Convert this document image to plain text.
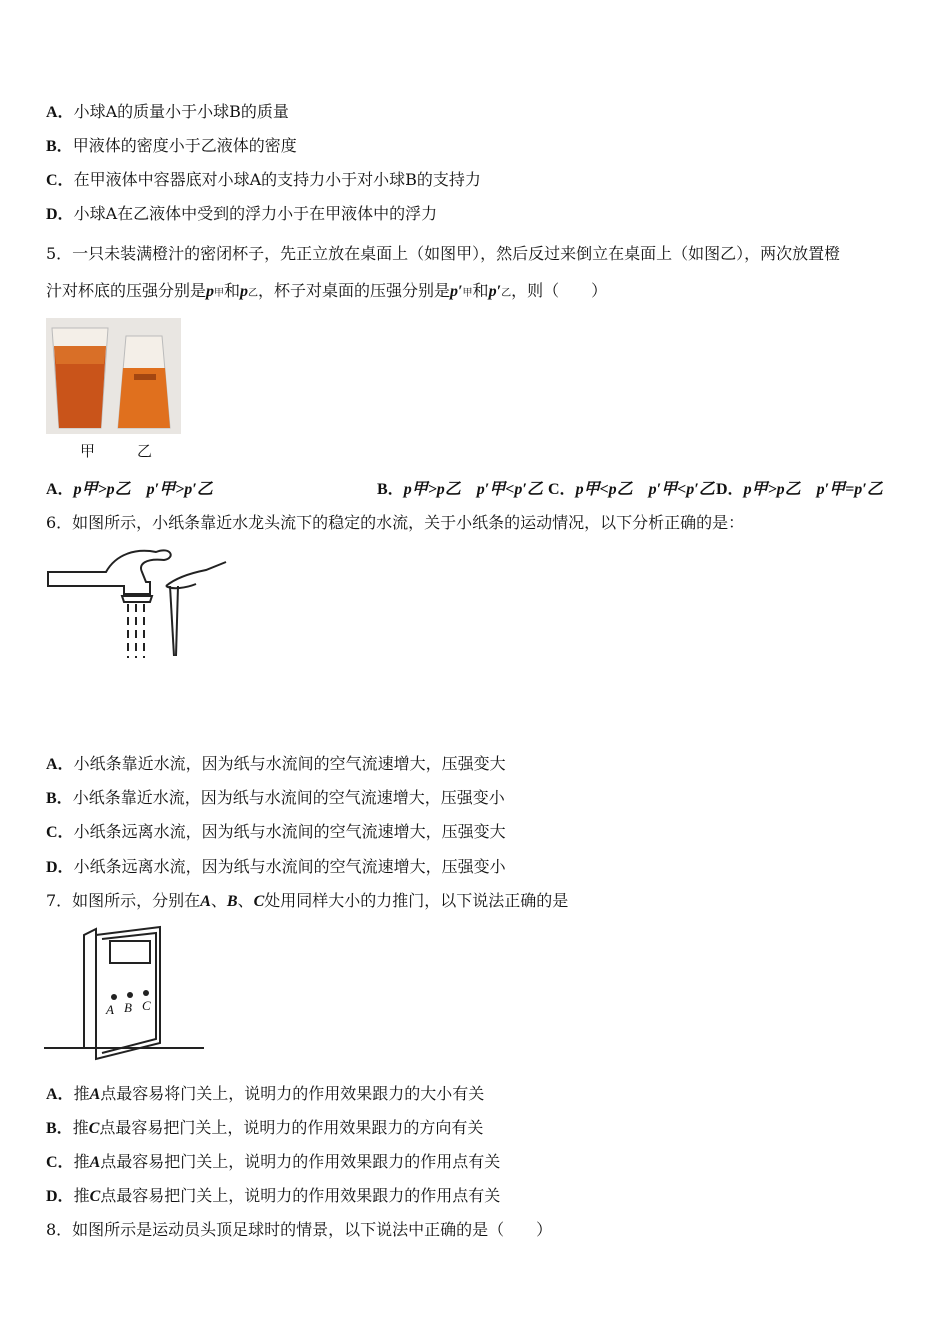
A．小球A的质量小于小球B的质量
B．甲液体的密度小于乙液体的密度
C．在甲液体中容器底对小球A的支持力小于对小球B的支持力
D．小球A在乙液体中受到的浮力小于在甲液体中的浮力
5．一只未装满橙汁的密闭杯子，先正立放在桌面上（如图甲），然后反过来倒立在桌面上（如图乙），两次放置橙
汁对杯底的压强分别是p甲和p乙，杯子对桌面的压强分别是p′甲和p′乙，则（　　）
甲	乙
A．p甲>p乙　p′甲>p′乙	B．p甲>p乙　p′甲<p′乙 C．p甲<p乙　p′甲<p′乙 D．p甲>p乙　p′甲=p′乙
6．如图所示，小纸条靠近水龙头流下的稳定的水流，关于小纸条的运动情况，以下分析正确的是：
A．小纸条靠近水流，因为纸与水流间的空气流速增大，压强变大
B．小纸条靠近水流，因为纸与水流间的空气流速增大，压强变小
C．小纸条远离水流，因为纸与水流间的空气流速增大，压强变大
D．小纸条远离水流，因为纸与水流间的空气流速增大，压强变小
7．如图所示，分别在A、B、C处用同样大小的力推门，以下说法正确的是
A B C
A．推A点最容易将门关上，说明力的作用效果跟力的大小有关
B．推C点最容易把门关上，说明力的作用效果跟力的方向有关
C．推A点最容易把门关上，说明力的作用效果跟力的作用点有关
D．推C点最容易把门关上，说明力的作用效果跟力的作用点有关
8．如图所示是运动员头顶足球时的情景，以下说法中正确的是（　　）
